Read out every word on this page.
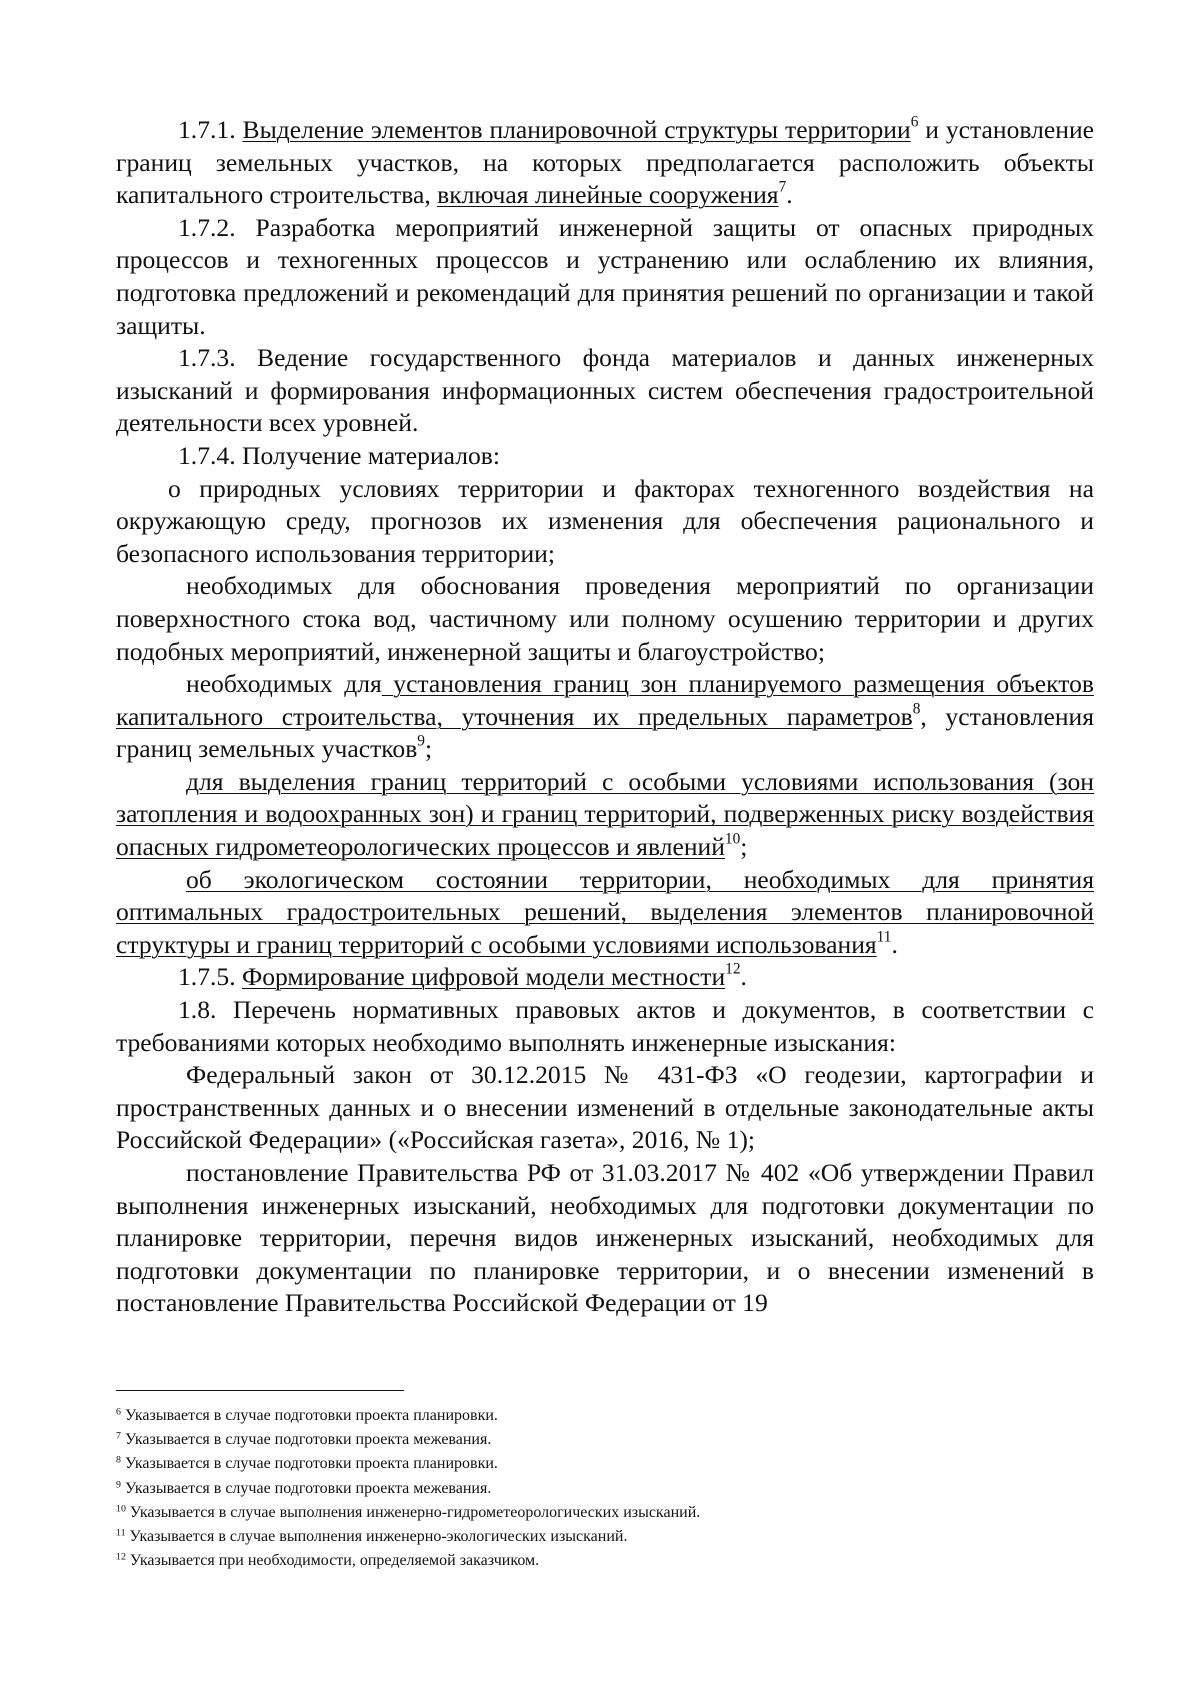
1.7.1. Выделение элементов планировочной структуры территории$^6$ и установление границ земельных участков, на которых предполагается расположить объекты капитального строительства, включая линейные сооружения$^7$.

1.7.2. Разработка мероприятий инженерной защиты от опасных природных процессов и техногенных процессов и устранению или ослаблению их влияния, подготовка предложений и рекомендаций для принятия решений по организации и такой защиты.

1.7.3. Ведение государственного фонда материалов и данных инженерных изысканий и формирования информационных систем обеспечения градостроительной деятельности всех уровней.

1.7.4. Получение материалов:

о природных условиях территории и факторах техногенного воздействия на окружающую среду, прогнозов их изменения для обеспечения рационального и безопасного использования территории;

необходимых для обоснования проведения мероприятий по организации поверхностного стока вод, частичному или полному осушению территории и других подобных мероприятий, инженерной защиты и благоустройство;

необходимых для установления границ зон планируемого размещения объектов капитального строительства, уточнения их предельных параметров$^8$, установления границ земельных участков$^9$;

для выделения границ территорий с особыми условиями использования (зон затопления и водоохранных зон) и границ территорий, подверженных риску воздействия опасных гидрометеорологических процессов и явлений$^{10}$;

об экологическом состоянии территории, необходимых для принятия оптимальных градостроительных решений, выделения элементов планировочной структуры и границ территорий с особыми условиями использования$^{11}$.

1.7.5. Формирование цифровой модели местности$^{12}$.

1.8. Перечень нормативных правовых актов и документов, в соответствии с требованиями которых необходимо выполнять инженерные изыскания:

Федеральный закон от 30.12.2015 № 431-ФЗ «О геодезии, картографии и пространственных данных и о внесении изменений в отдельные законодательные акты Российской Федерации» («Российская газета», 2016, № 1);

постановление Правительства РФ от 31.03.2017 № 402 «Об утверждении Правил выполнения инженерных изысканий, необходимых для подготовки документации по планировке территории, перечня видов инженерных изысканий, необходимых для подготовки документации по планировке территории, и о внесении изменений в постановление Правительства Российской Федерации от 19

$^6$ Указывается в случае подготовки проекта планировки.

$^7$ Указывается в случае подготовки проекта межевания.

$^8$ Указывается в случае подготовки проекта планировки.

$^9$ Указывается в случае подготовки проекта межевания.

$^{10}$ Указывается в случае выполнения инженерно-гидрометеорологических изысканий.

$^{11}$ Указывается в случае выполнения инженерно-экологических изысканий.

$^{12}$ Указывается при необходимости, определяемой заказчиком.
